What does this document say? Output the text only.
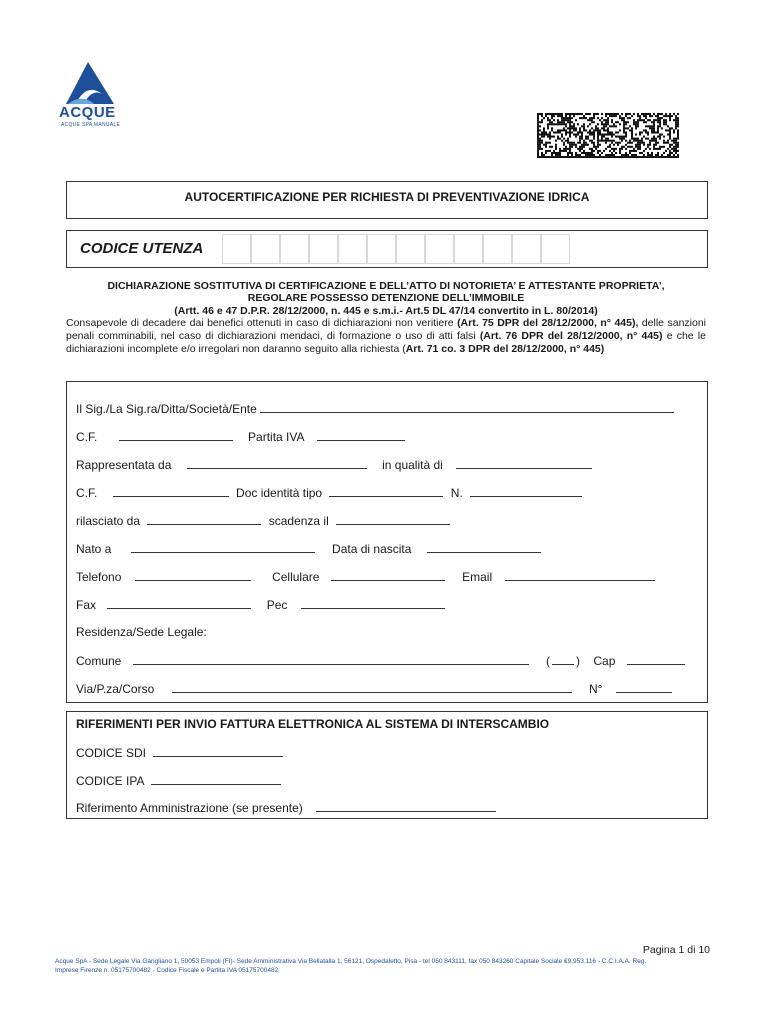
ACQUE
ACQUE SPA MANUALE
AUTOCERTIFICAZIONE PER RICHIESTA DI PREVENTIVAZIONE IDRICA
CODICE UTENZA
DICHIARAZIONE SOSTITUTIVA DI CERTIFICAZIONE E DELL’ATTO DI NOTORIETA’ E ATTESTANTE PROPRIETA’,
REGOLARE POSSESSO DETENZIONE DELL’IMMOBILE
(Artt. 46 e 47 D.P.R. 28/12/2000, n. 445 e s.m.i.- Art.5 DL 47/14 convertito in L. 80/2014)
Consapevole di decadere dai benefici ottenuti in caso di dichiarazioni non veritiere (Art. 75 DPR del 28/12/2000, n° 445), delle sanzioni penali comminabili, nel caso di dichiarazioni mendaci, di formazione o uso di atti falsi (Art. 76 DPR del 28/12/2000, n° 445) e che le dichiarazioni incomplete e/o irregolari non daranno seguito alla richiesta (Art. 71 co. 3 DPR del 28/12/2000, n° 445)
Il Sig./La Sig.ra/Ditta/Società/Ente
C.F.	Partita IVA
Rappresentata da	in qualità di
C.F.	Doc identità tipo	N.
rilasciato da	scadenza il
Nato a	Data di nascita
Telefono	Cellulare	Email
Fax	Pec
Residenza/Sede Legale:
Comune	( ) Cap
Via/P.za/Corso	N°
RIFERIMENTI PER INVIO FATTURA ELETTRONICA AL SISTEMA DI INTERSCAMBIO
CODICE SDI
CODICE IPA
Riferimento Amministrazione (se presente)
Pagina 1 di 10
Acque SpA - Sede Legale Via Garigliano 1, 50053 Empoli (FI)- Sede Amministrativa Via Bellatalla 1, 56121, Ospedaletto, Pisa - tel 050 843111, fax 050 843260 Capitale Sociale €9.953.116 - C.C.I.A.A. Reg.
Imprese Firenze n. 05175700482 - Codice Fiscale e Partita IVA 05175700482
